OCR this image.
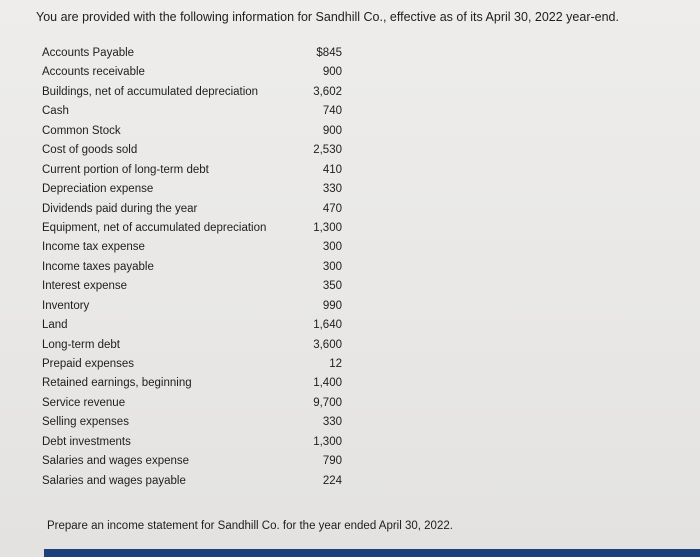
You are provided with the following information for Sandhill Co., effective as of its April 30, 2022 year-end.
Accounts Payable	$845
Accounts receivable	900
Buildings, net of accumulated depreciation	3,602
Cash	740
Common Stock	900
Cost of goods sold	2,530
Current portion of long-term debt	410
Depreciation expense	330
Dividends paid during the year	470
Equipment, net of accumulated depreciation	1,300
Income tax expense	300
Income taxes payable	300
Interest expense	350
Inventory	990
Land	1,640
Long-term debt	3,600
Prepaid expenses	12
Retained earnings, beginning	1,400
Service revenue	9,700
Selling expenses	330
Debt investments	1,300
Salaries and wages expense	790
Salaries and wages payable	224
Prepare an income statement for Sandhill Co. for the year ended April 30, 2022.
